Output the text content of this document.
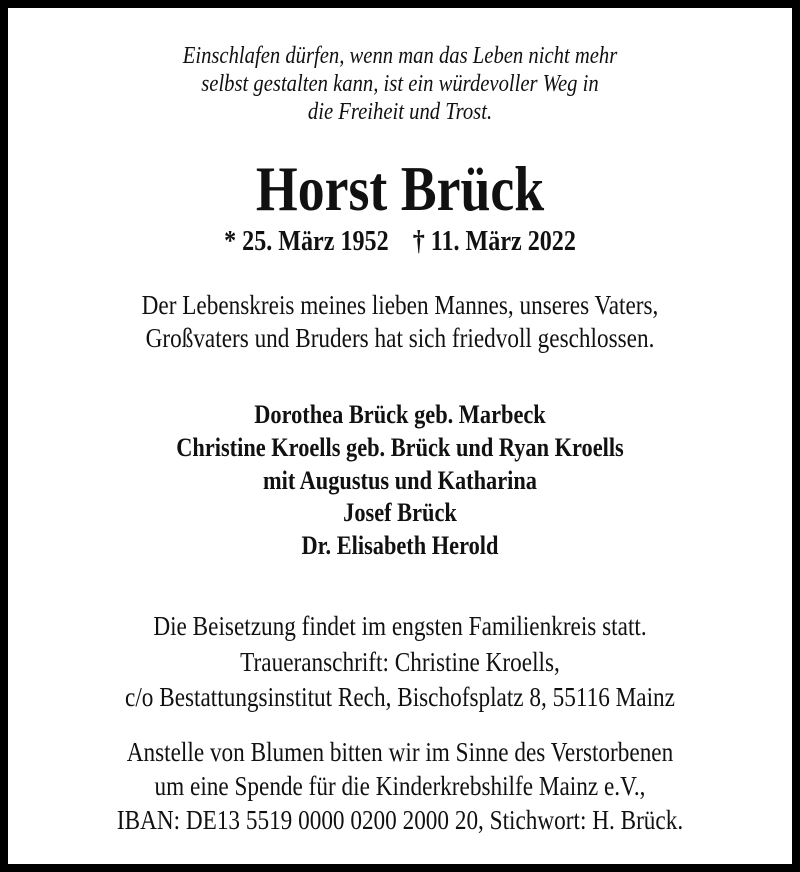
Einschlafen dürfen, wenn man das Leben nicht mehr
selbst gestalten kann, ist ein würdevoller Weg in
die Freiheit und Trost.
Horst Brück
* 25. März 1952 † 11. März 2022
Der Lebenskreis meines lieben Mannes, unseres Vaters,
Großvaters und Bruders hat sich friedvoll geschlossen.
Dorothea Brück geb. Marbeck
Christine Kroells geb. Brück und Ryan Kroells
mit Augustus und Katharina
Josef Brück
Dr. Elisabeth Herold
Die Beisetzung findet im engsten Familienkreis statt.
Traueranschrift: Christine Kroells,
c/o Bestattungsinstitut Rech, Bischofsplatz 8, 55116 Mainz
Anstelle von Blumen bitten wir im Sinne des Verstorbenen
um eine Spende für die Kinderkrebshilfe Mainz e.V.,
IBAN: DE13 5519 0000 0200 2000 20, Stichwort: H. Brück.
